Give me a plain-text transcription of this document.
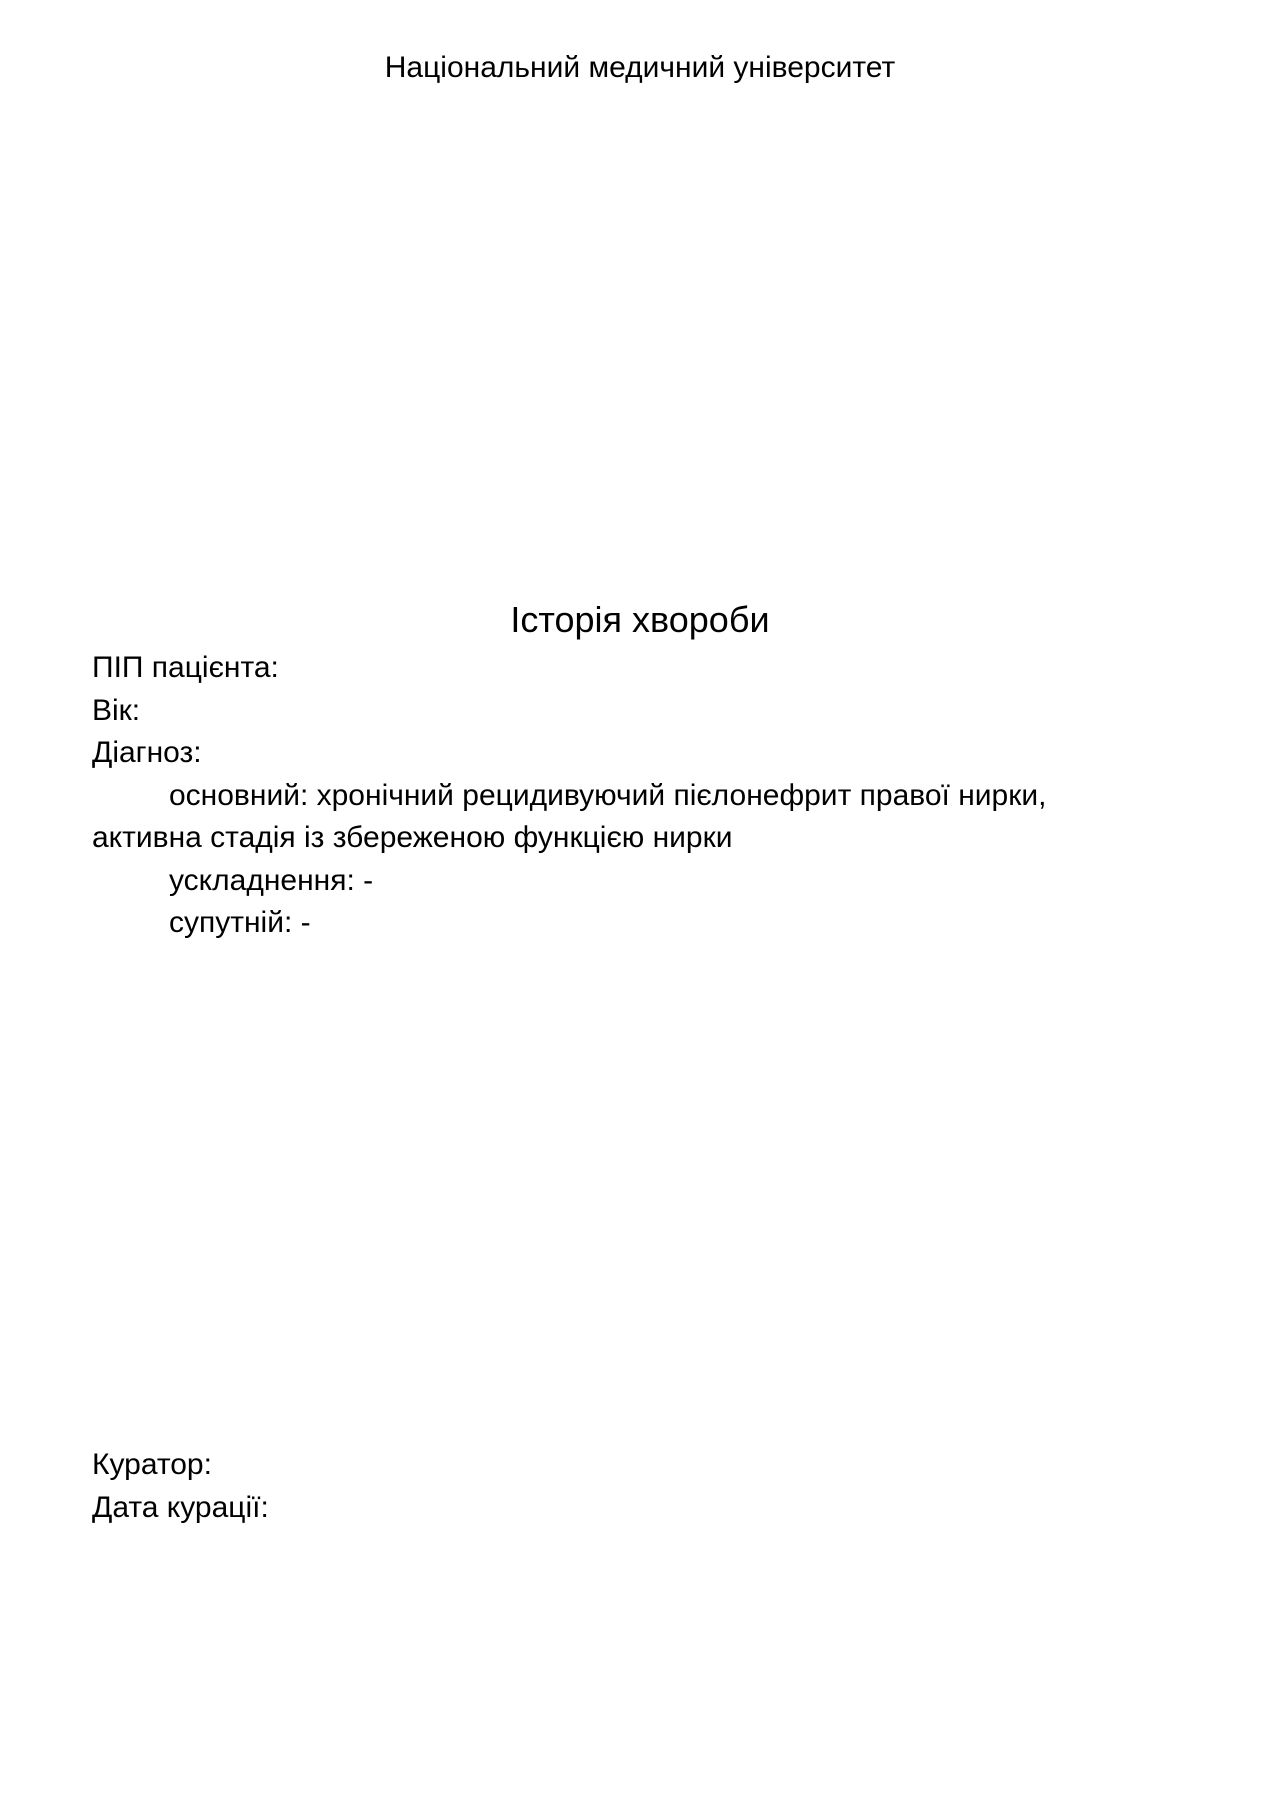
Національний медичний університет
Історія хвороби
ПІП пацієнта:
Вік:
Діагноз:
основний: хронічний рецидивуючий пієлонефрит правої нирки,
активна стадія із збереженою функцією нирки
ускладнення: -
супутній: -
Куратор:
Дата курації:
